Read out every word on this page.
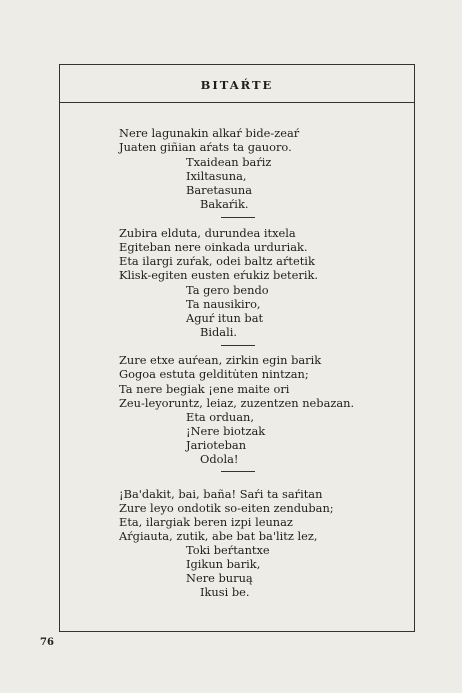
BITAŔTE
Nere lagunakin alkaŕ bide-zeaŕ
Juaten giñian aŕats ta gauoro.
Txaidean baŕiz
Ixiltasuna,
Baretasuna
Bakaŕik.
Zubira elduta, durundea itxela
Egiteban nere oinkada urduriak.
Eta ilargi zuŕak, odei baltz aŕtetik
Klisk-egiten eusten eŕukiz beterik.
Ta gero bendo
Ta nausikiro,
Aguŕ itun bat
Bidali.
Zure etxe auŕean, zirkin egin barik
Gogoa estuta gelditu̇ten nintzan;
Ta nere begiak ¡ene maite ori
Zeu-leyoruntz, leiaz, zuzentzen nebazan.
Eta orduan,
¡Nere biotzak
Jarioteban
Odola!
¡Ba'dakit, bai, baña! Saŕi ta saŕitan
Zure leyo ondotik so-eiten zenduban;
Eta, ilargiak beren izpi leunaz
Aŕgiauta, zutik, abe bat ba'litz lez,
Toki beŕtantxe
Igikun barik,
Nere buruą
Ikusi be.
76
